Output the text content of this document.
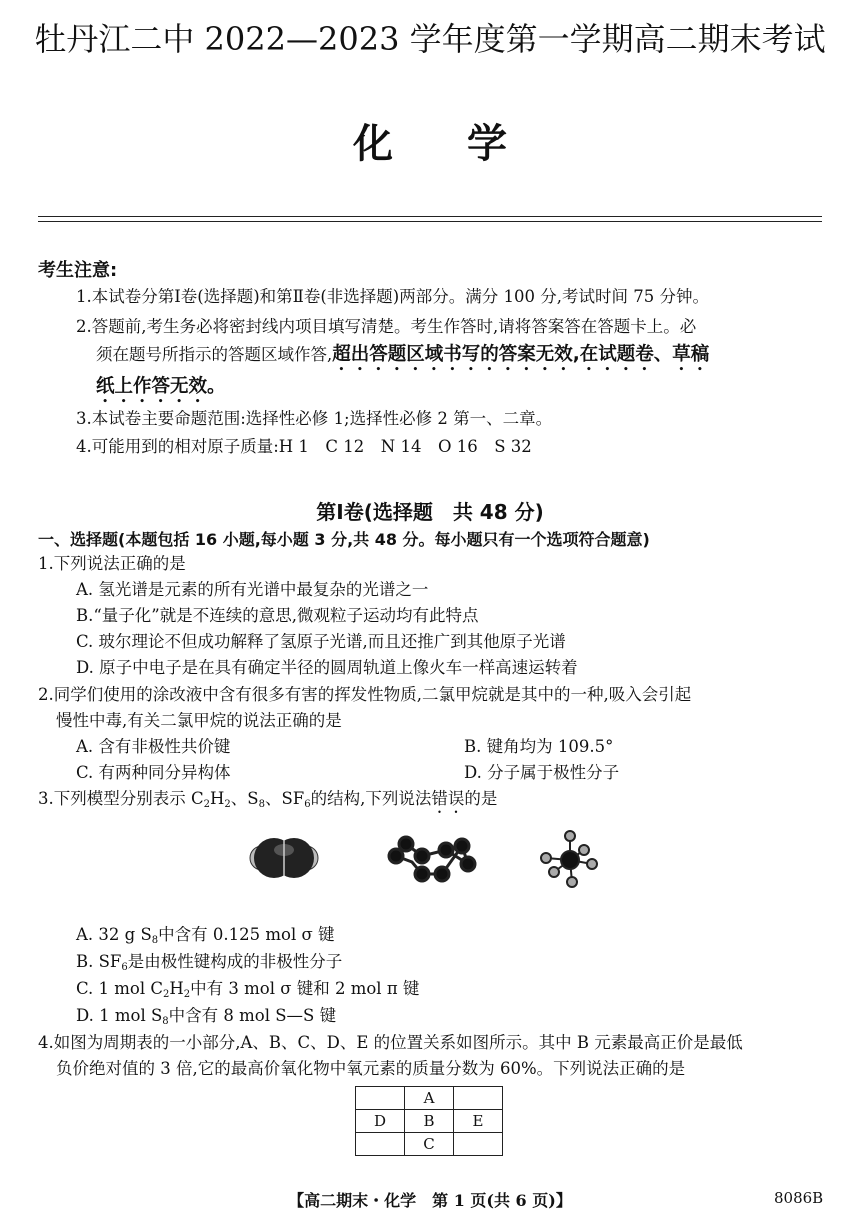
牡丹江二中 2022—2023 学年度第一学期高二期末考试
化 学
考生注意:
1.本试卷分第Ⅰ卷(选择题)和第Ⅱ卷(非选择题)两部分。满分 100 分,考试时间 75 分钟。
2.答题前,考生务必将密封线内项目填写清楚。考生作答时,请将答案答在答题卡上。必
须在题号所指示的答题区域作答,超出答题区域书写的答案无效,在试题卷、草稿
纸上作答无效。
3.本试卷主要命题范围:选择性必修 1;选择性必修 2 第一、二章。
4.可能用到的相对原子质量:H 1　C 12　N 14　O 16　S 32
第Ⅰ卷(选择题　共 48 分)
一、选择题(本题包括 16 小题,每小题 3 分,共 48 分。每小题只有一个选项符合题意)
1.下列说法正确的是
A. 氢光谱是元素的所有光谱中最复杂的光谱之一
B.“量子化”就是不连续的意思,微观粒子运动均有此特点
C. 玻尔理论不但成功解释了氢原子光谱,而且还推广到其他原子光谱
D. 原子中电子是在具有确定半径的圆周轨道上像火车一样高速运转着
2.同学们使用的涂改液中含有很多有害的挥发性物质,二氯甲烷就是其中的一种,吸入会引起
慢性中毒,有关二氯甲烷的说法正确的是
A. 含有非极性共价键	B. 键角均为 109.5°
C. 有两种同分异构体	D. 分子属于极性分子
3.下列模型分别表示 $C_2H_2$、$S_8$、$SF_6$的结构,下列说法错误的是
A. 32 g $S_8$中含有 0.125 mol σ 键
B. $SF_6$是由极性键构成的非极性分子
C. 1 mol $C_2H_2$中有 3 mol σ 键和 2 mol π 键
D. 1 mol $S_8$中含有 8 mol S—S 键
4.如图为周期表的一小部分,A、B、C、D、E 的位置关系如图所示。其中 B 元素最高正价是最低
负价绝对值的 3 倍,它的最高价氧化物中氧元素的质量分数为 60%。下列说法正确的是
	A	
D	B	E
	C	
【高二期末・化学　第 1 页(共 6 页)】	8086B
